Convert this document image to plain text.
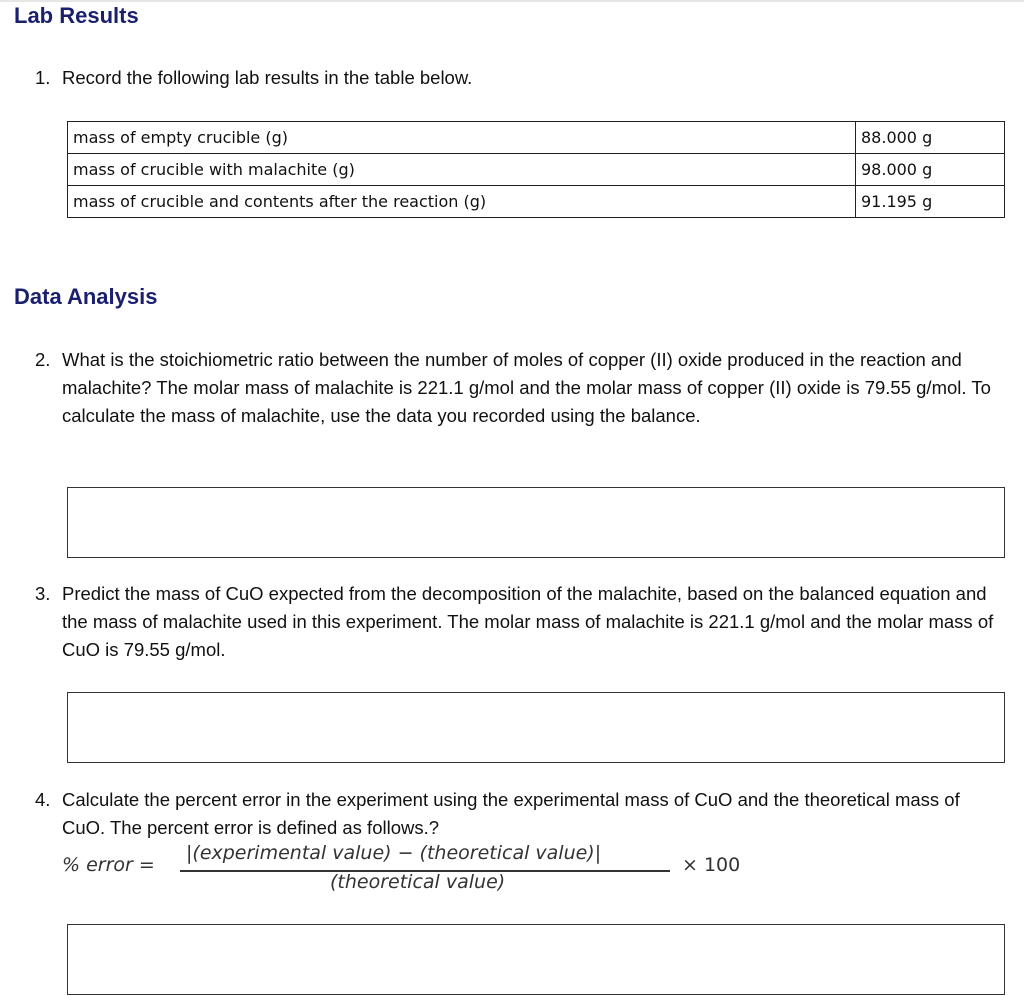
Lab Results
1. Record the following lab results in the table below.
mass of empty crucible (g)	88.000 g
mass of crucible with malachite (g)	98.000 g
mass of crucible and contents after the reaction (g)	91.195 g
Data Analysis
2. What is the stoichiometric ratio between the number of moles of copper (II) oxide produced in the reaction and malachite? The molar mass of malachite is 221.1 g/mol and the molar mass of copper (II) oxide is 79.55 g/mol. To calculate the mass of malachite, use the data you recorded using the balance.
3. Predict the mass of CuO expected from the decomposition of the malachite, based on the balanced equation and the mass of malachite used in this experiment. The molar mass of malachite is 221.1 g/mol and the molar mass of CuO is 79.55 g/mol.
4. Calculate the percent error in the experiment using the experimental mass of CuO and the theoretical mass of CuO. The percent error is defined as follows.?
% error =
|(experimental value) − (theoretical value)|
(theoretical value)
× 100
